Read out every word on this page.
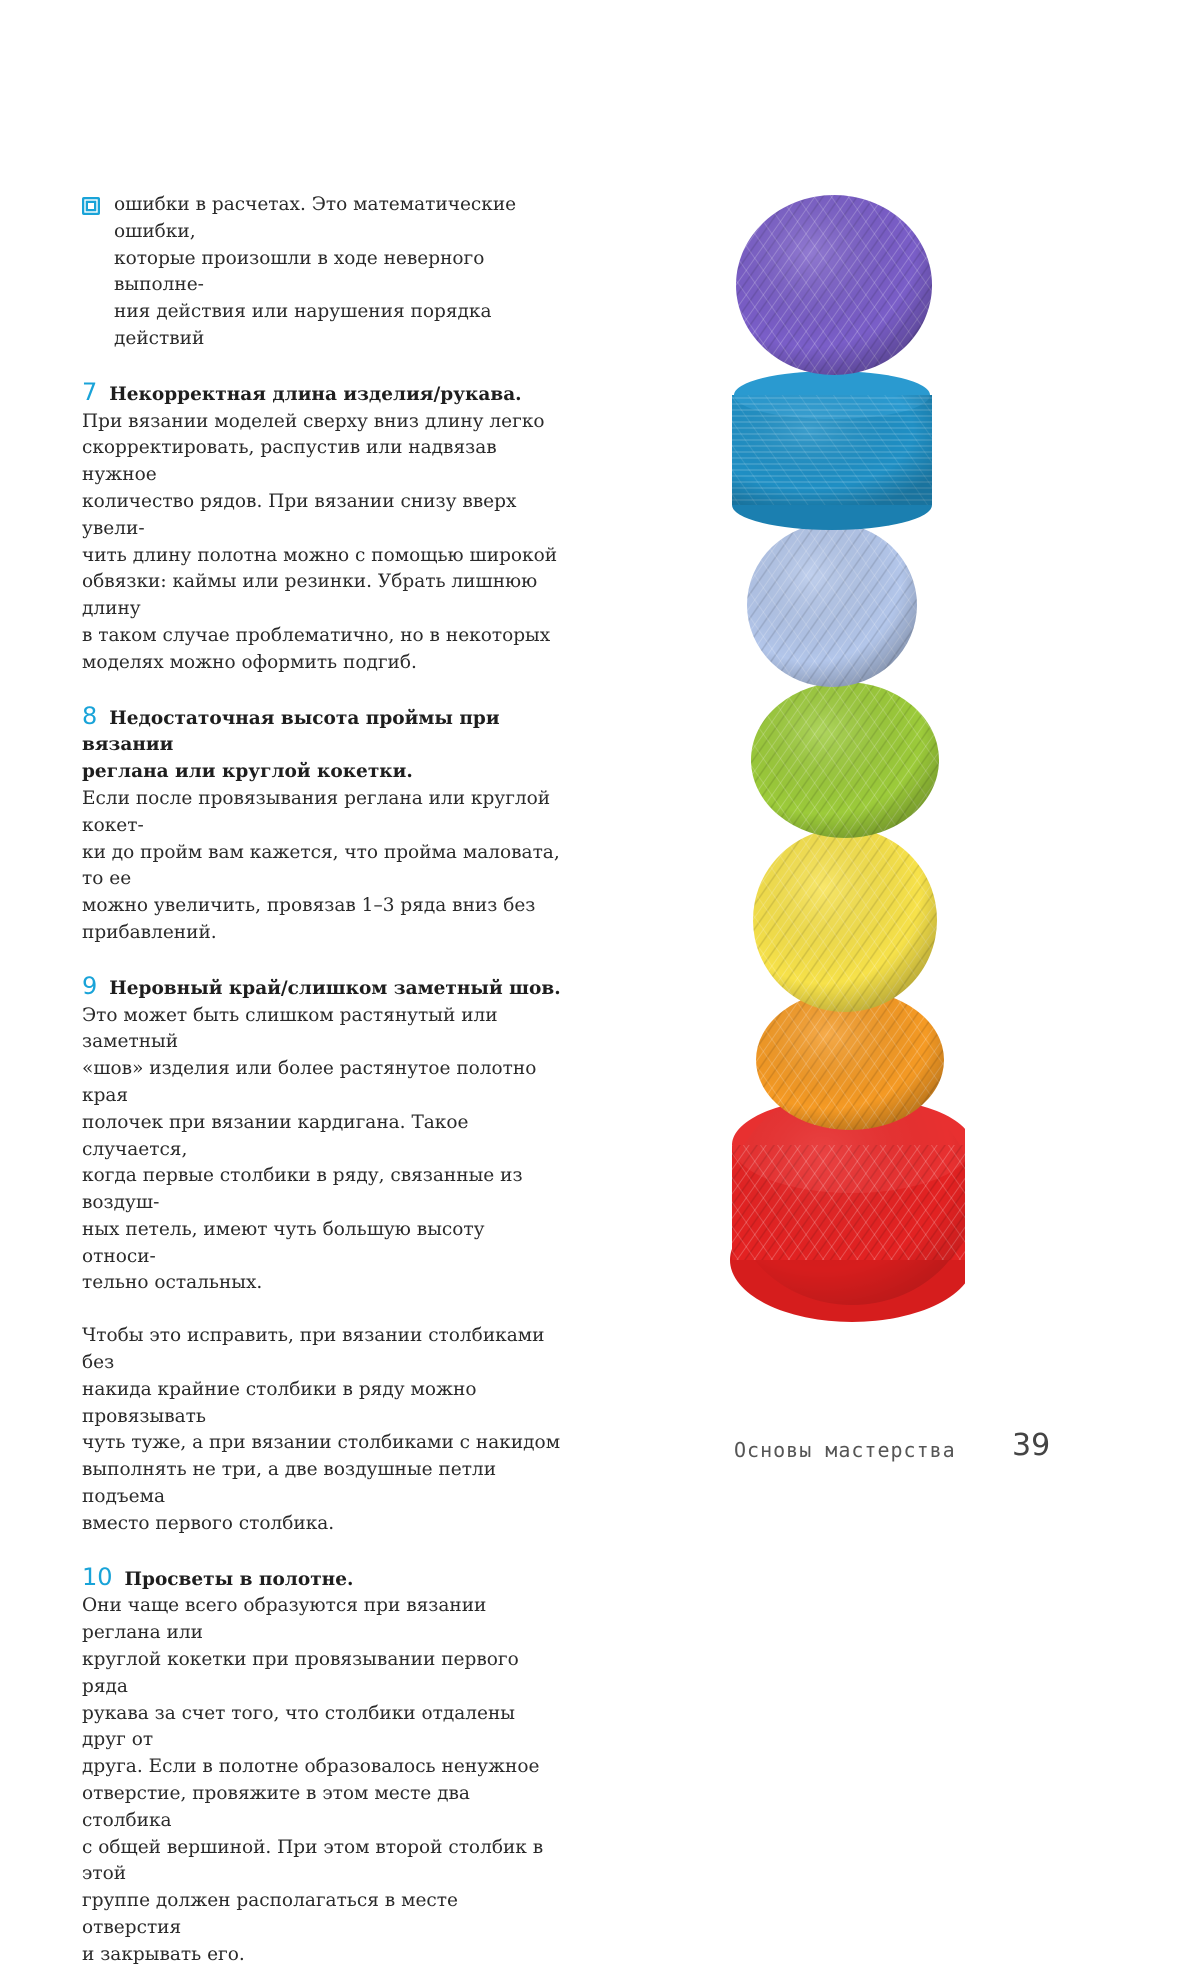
ошибки в расчетах. Это математические ошибки,
которые произошли в ходе неверного выполне-
ния действия или нарушения порядка действий
7 Некорректная длина изделия/рукава.

При вязании моделей сверху вниз длину легко
скорректировать, распустив или надвязав нужное
количество рядов. При вязании снизу вверх увели-
чить длину полотна можно с помощью широкой
обвязки: каймы или резинки. Убрать лишнюю длину
в таком случае проблематично, но в некоторых
моделях можно оформить подгиб.

8 Недостаточная высота проймы при вязании
реглана или круглой кокетки.

Если после провязывания реглана или круглой кокет-
ки до пройм вам кажется, что пройма маловата, то ее
можно увеличить, провязав 1–3 ряда вниз без
прибавлений.

9 Неровный край/слишком заметный шов.

Это может быть слишком растянутый или заметный
«шов» изделия или более растянутое полотно края
полочек при вязании кардигана. Такое случается,
когда первые столбики в ряду, связанные из воздуш-
ных петель, имеют чуть большую высоту относи-
тельно остальных.

Чтобы это исправить, при вязании столбиками без
накида крайние столбики в ряду можно провязывать
чуть туже, а при вязании столбиками с накидом
выполнять не три, а две воздушные петли подъема
вместо первого столбика.

10 Просветы в полотне.

Они чаще всего образуются при вязании реглана или
круглой кокетки при провязывании первого ряда
рукава за счет того, что столбики отдалены друг от
друга. Если в полотне образовалось ненужное
отверстие, провяжите в этом месте два столбика
с общей вершиной. При этом второй столбик в этой
группе должен располагаться в месте отверстия
и закрывать его.

Основы мастерства 39
